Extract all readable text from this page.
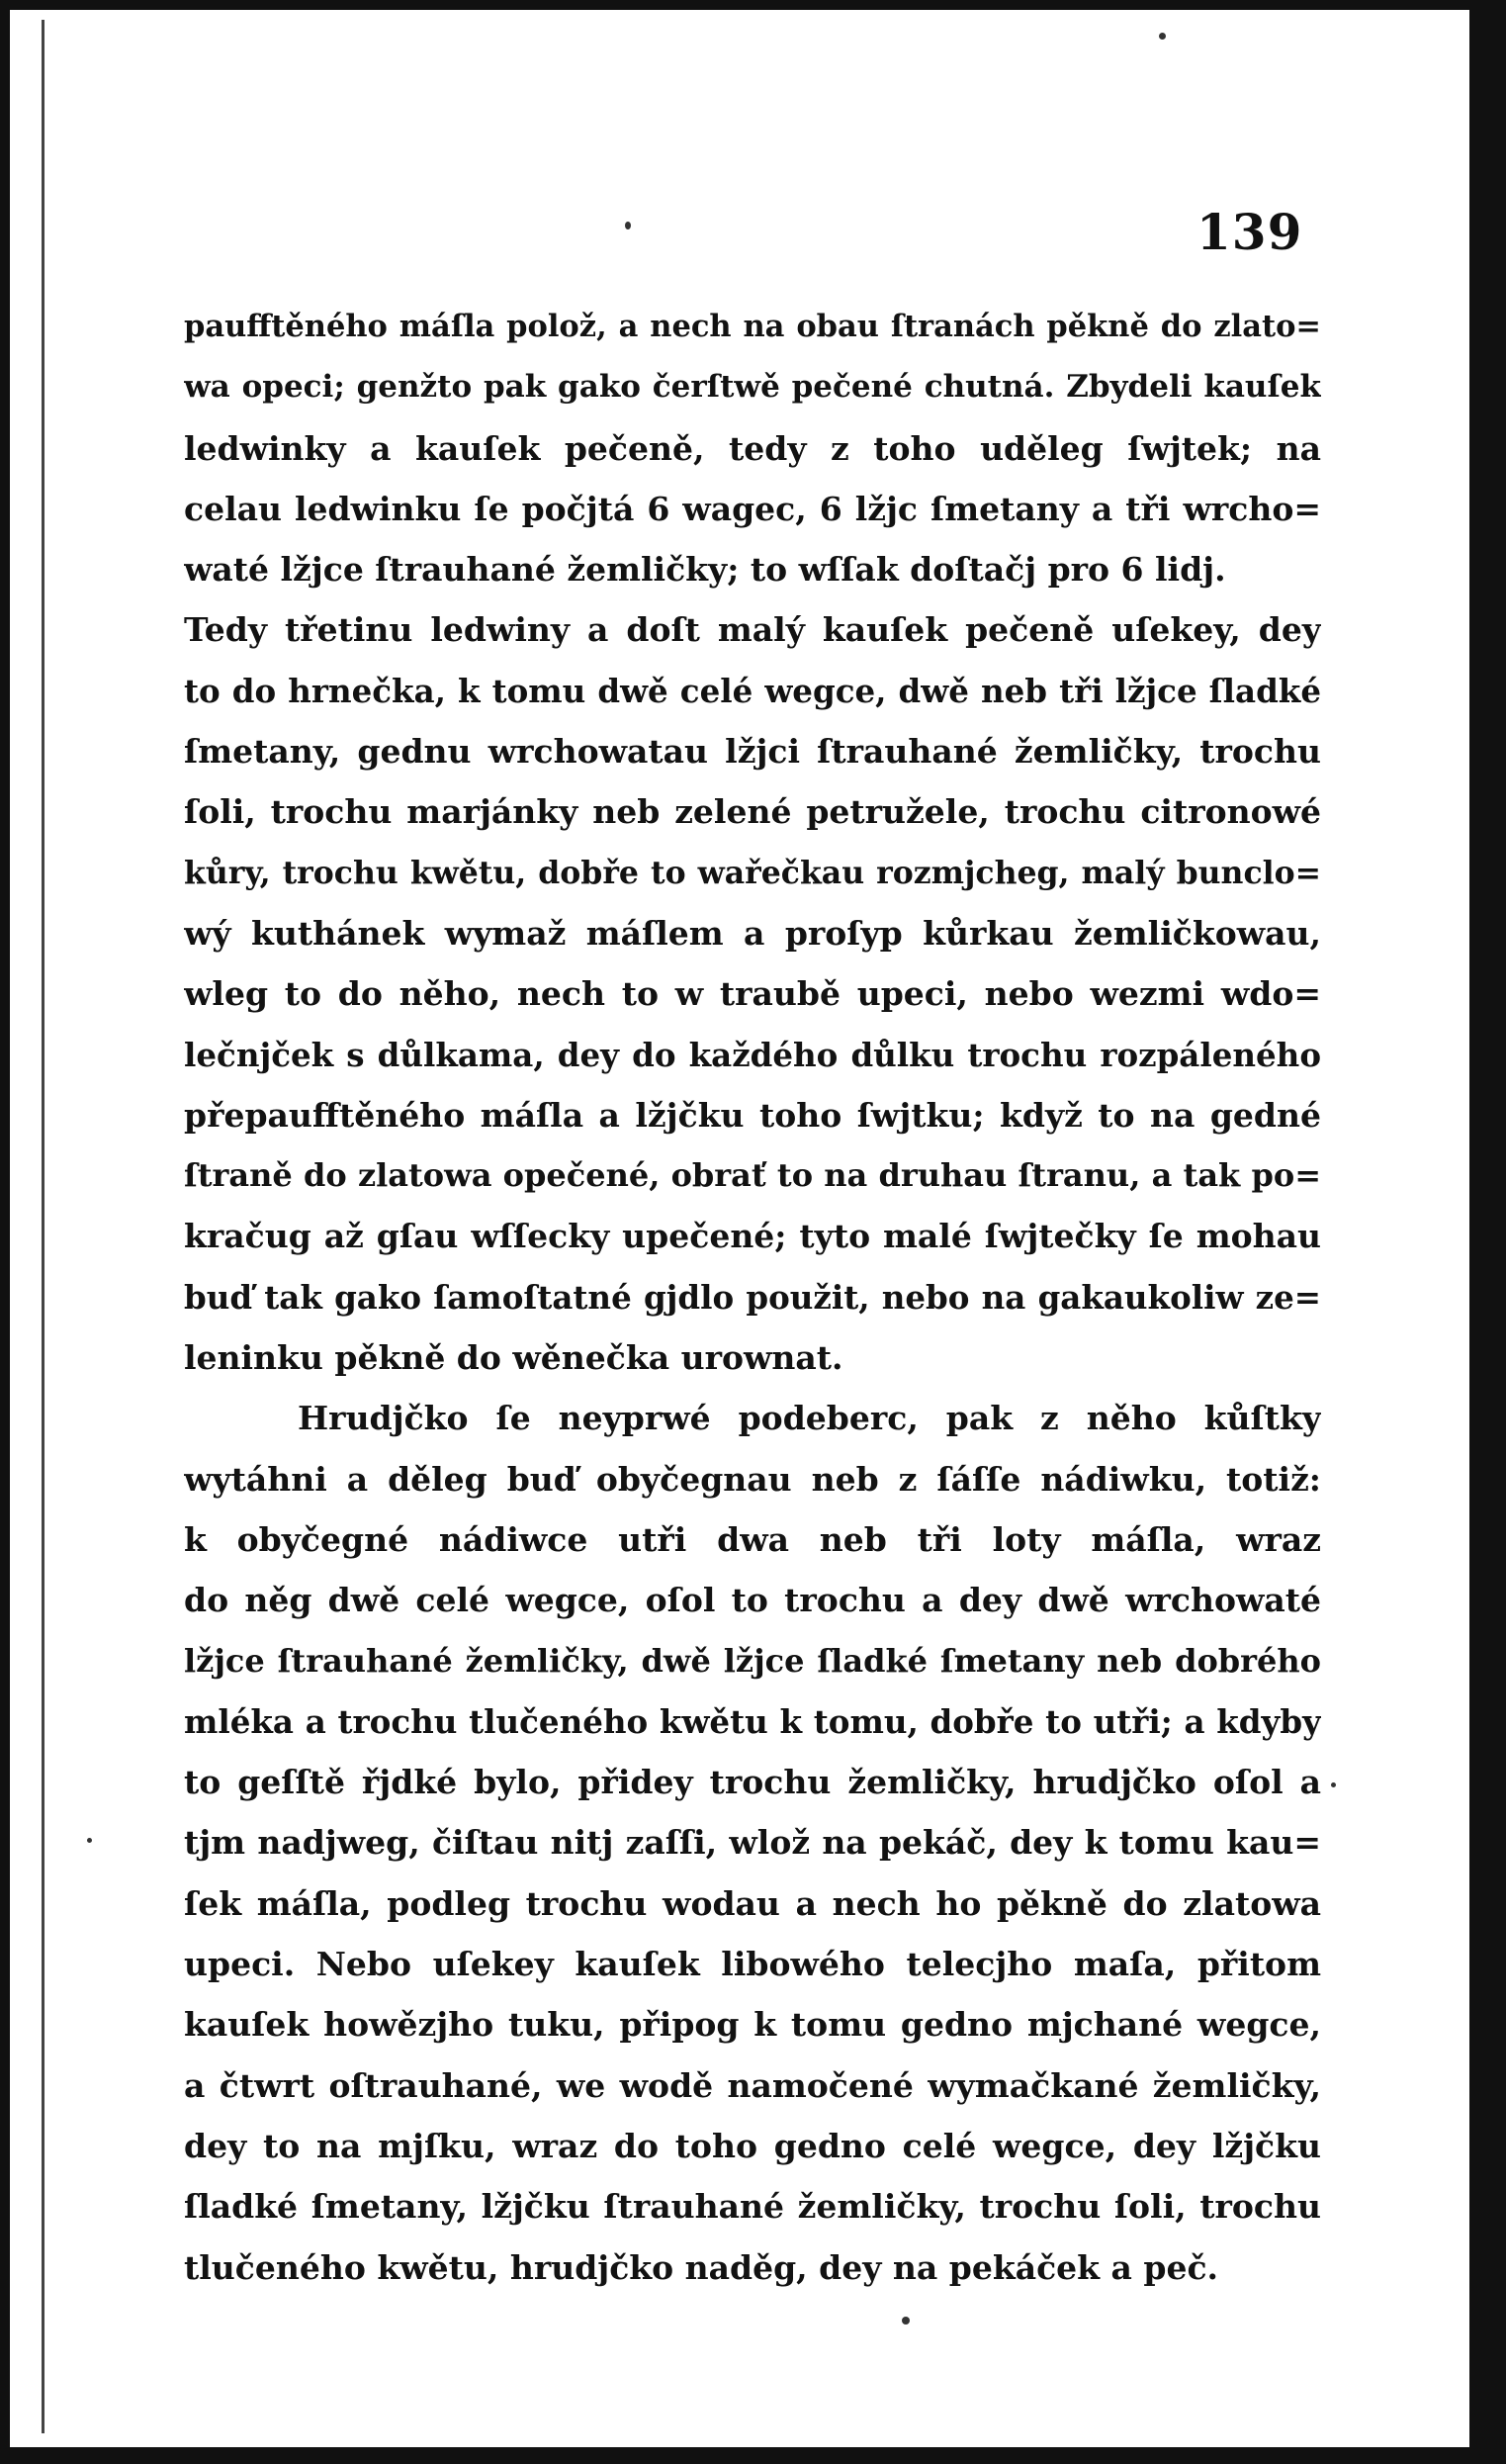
139
paufftěného máſla polož, a nech na obau ſtranách pěkně do zlato=
wa opeci; genžto pak gako čerſtwě pečené chutná. Zbydeli kauſek
ledwinky a kauſek pečeně, tedy z toho uděleg ſwjtek; na
celau ledwinku ſe počjtá 6 wagec, 6 lžjc ſmetany a tři wrcho=
waté lžjce ſtrauhané žemličky; to wſſak doſtačj pro 6 lidj.
Tedy třetinu ledwiny a doſt malý kauſek pečeně uſekey, dey
to do hrnečka, k tomu dwě celé wegce, dwě neb tři lžjce ſladké
ſmetany, gednu wrchowatau lžjci ſtrauhané žemličky, trochu
ſoli, trochu marjánky neb zelené petružele, trochu citronowé
kůry, trochu kwětu, dobře to wařečkau rozmjcheg, malý bunclo=
wý kuthánek wymaž máſlem a proſyp kůrkau žemličkowau,
wleg to do něho, nech to w traubě upeci, nebo wezmi wdo=
lečnjček s důlkama, dey do každého důlku trochu rozpáleného
přepaufftěného máſla a lžjčku toho ſwjtku; když to na gedné
ſtraně do zlatowa opečené, obrať to na druhau ſtranu, a tak po=
kračug až gſau wſſecky upečené; tyto malé ſwjtečky ſe mohau
buď tak gako ſamoſtatné gjdlo použit, nebo na gakaukoliw ze=
leninku pěkně do wěnečka urownat.
Hrudjčko ſe neyprwé podeberc, pak z něho kůſtky
wytáhni a děleg buď obyčegnau neb z ſáſſe nádiwku, totiž:
k obyčegné nádiwce utři dwa neb tři loty máſla, wraz
do něg dwě celé wegce, oſol to trochu a dey dwě wrchowaté
lžjce ſtrauhané žemličky, dwě lžjce ſladké ſmetany neb dobrého
mléka a trochu tlučeného kwětu k tomu, dobře to utři; a kdyby
to geſſtě řjdké bylo, přidey trochu žemličky, hrudjčko oſol a
tjm nadjweg, čiſtau nitj zaſſi, wlož na pekáč, dey k tomu kau=
ſek máſla, podleg trochu wodau a nech ho pěkně do zlatowa
upeci. Nebo uſekey kauſek libowého telecjho maſa, přitom
kauſek howězjho tuku, připog k tomu gedno mjchané wegce,
a čtwrt oſtrauhané, we wodě namočené wymačkané žemličky,
dey to na mjſku, wraz do toho gedno celé wegce, dey lžjčku
ſladké ſmetany, lžjčku ſtrauhané žemličky, trochu ſoli, trochu
tlučeného kwětu, hrudjčko naděg, dey na pekáček a peč.
